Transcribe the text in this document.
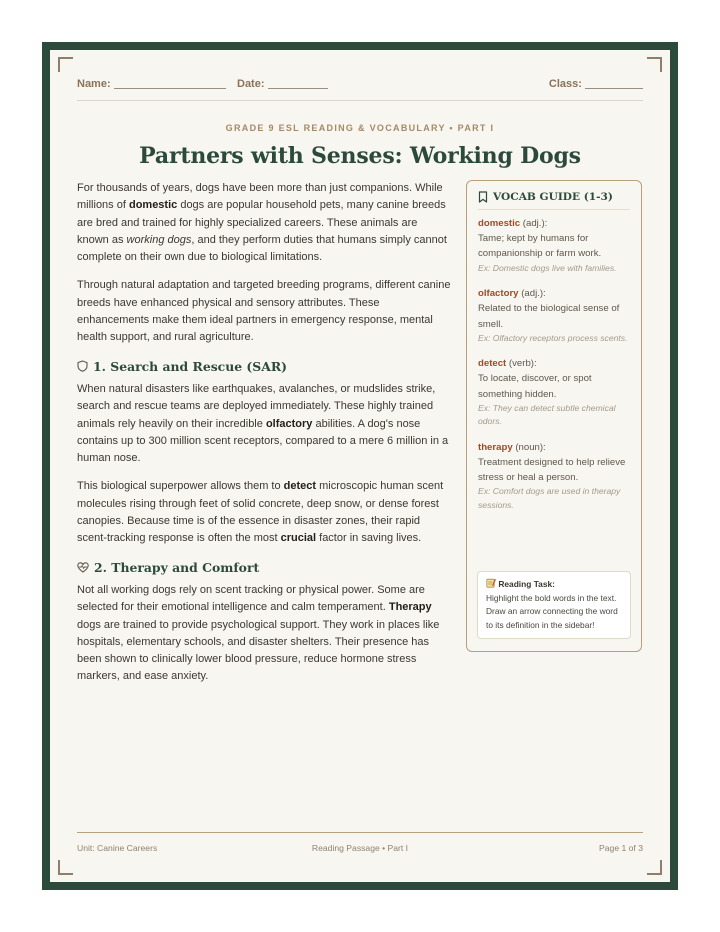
Name:	Date:	Class:
GRADE 9 ESL READING & VOCABULARY • PART I
Partners with Senses: Working Dogs

For thousands of years, dogs have been more than just companions. While millions of domestic dogs are popular household pets, many canine breeds are bred and trained for highly specialized careers. These animals are known as working dogs, and they perform duties that humans simply cannot complete on their own due to biological limitations.

Through natural adaptation and targeted breeding programs, different canine breeds have enhanced physical and sensory attributes. These enhancements make them ideal partners in emergency response, mental health support, and rural agriculture.

1. Search and Rescue (SAR)

When natural disasters like earthquakes, avalanches, or mudslides strike, search and rescue teams are deployed immediately. These highly trained animals rely heavily on their incredible olfactory abilities. A dog's nose contains up to 300 million scent receptors, compared to a mere 6 million in a human nose.

This biological superpower allows them to detect microscopic human scent molecules rising through feet of solid concrete, deep snow, or dense forest canopies. Because time is of the essence in disaster zones, their rapid scent-tracking response is often the most crucial factor in saving lives.

2. Therapy and Comfort

Not all working dogs rely on scent tracking or physical power. Some are selected for their emotional intelligence and calm temperament. Therapy dogs are trained to provide psychological support. They work in places like hospitals, elementary schools, and disaster shelters. Their presence has been shown to clinically lower blood pressure, reduce hormone stress markers, and ease anxiety.

VOCAB GUIDE (1-3)
domestic (adj.):
Tame; kept by humans for companionship or farm work.
Ex: Domestic dogs live with families.
olfactory (adj.):
Related to the biological sense of smell.
Ex: Olfactory receptors process scents.
detect (verb):
To locate, discover, or spot something hidden.
Ex: They can detect subtle chemical odors.
therapy (noun):
Treatment designed to help relieve stress or heal a person.
Ex: Comfort dogs are used in therapy sessions.
Reading Task:
Highlight the bold words in the text. Draw an arrow connecting the word to its definition in the sidebar!
Unit: Canine Careers	Reading Passage • Part I	Page 1 of 3
